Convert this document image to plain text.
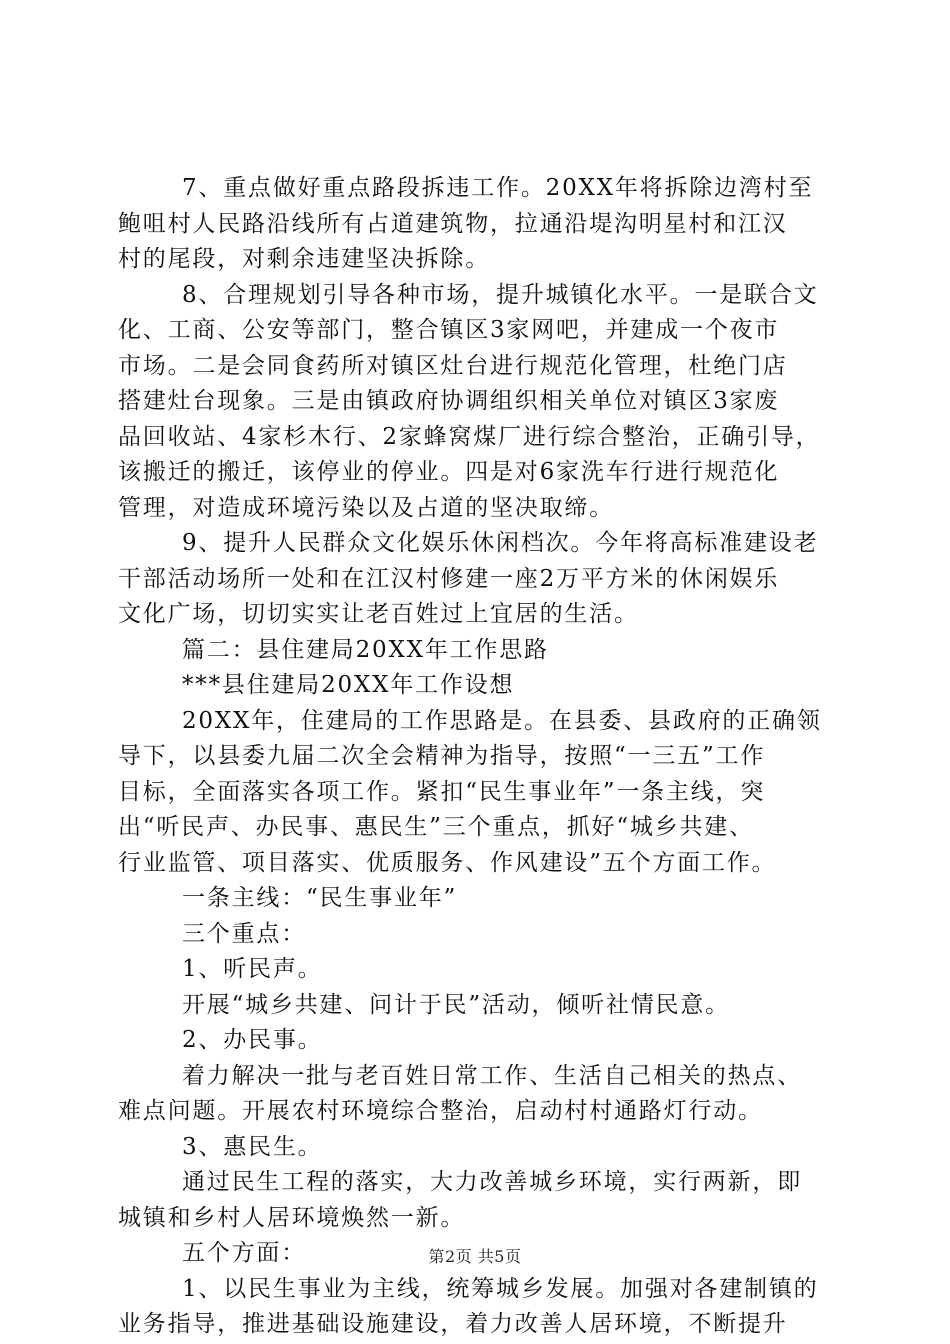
7、重点做好重点路段拆违工作。20XX年将拆除边湾村至
鲍咀村人民路沿线所有占道建筑物，拉通沿堤沟明星村和江汉
村的尾段，对剩余违建坚决拆除。
8、合理规划引导各种市场，提升城镇化水平。一是联合文
化、工商、公安等部门，整合镇区3家网吧，并建成一个夜市
市场。二是会同食药所对镇区灶台进行规范化管理，杜绝门店
搭建灶台现象。三是由镇政府协调组织相关单位对镇区3家废
品回收站、4家杉木行、2家蜂窝煤厂进行综合整治，正确引导，
该搬迁的搬迁，该停业的停业。四是对6家洗车行进行规范化
管理，对造成环境污染以及占道的坚决取缔。
9、提升人民群众文化娱乐休闲档次。今年将高标准建设老
干部活动场所一处和在江汉村修建一座2万平方米的休闲娱乐
文化广场，切切实实让老百姓过上宜居的生活。
篇二：县住建局20XX年工作思路
***县住建局20XX年工作设想
20XX年，住建局的工作思路是。在县委、县政府的正确领
导下，以县委九届二次全会精神为指导，按照“一三五”工作
目标，全面落实各项工作。紧扣“民生事业年”一条主线，突
出“听民声、办民事、惠民生”三个重点，抓好“城乡共建、
行业监管、项目落实、优质服务、作风建设”五个方面工作。
一条主线：“民生事业年”
三个重点：
1、听民声。
开展“城乡共建、问计于民”活动，倾听社情民意。
2、办民事。
着力解决一批与老百姓日常工作、生活自己相关的热点、
难点问题。开展农村环境综合整治，启动村村通路灯行动。
3、惠民生。
通过民生工程的落实，大力改善城乡环境，实行两新，即
城镇和乡村人居环境焕然一新。
五个方面：
1、以民生事业为主线，统筹城乡发展。加强对各建制镇的
业务指导，推进基础设施建设，着力改善人居环境，不断提升
第2页 共5页
